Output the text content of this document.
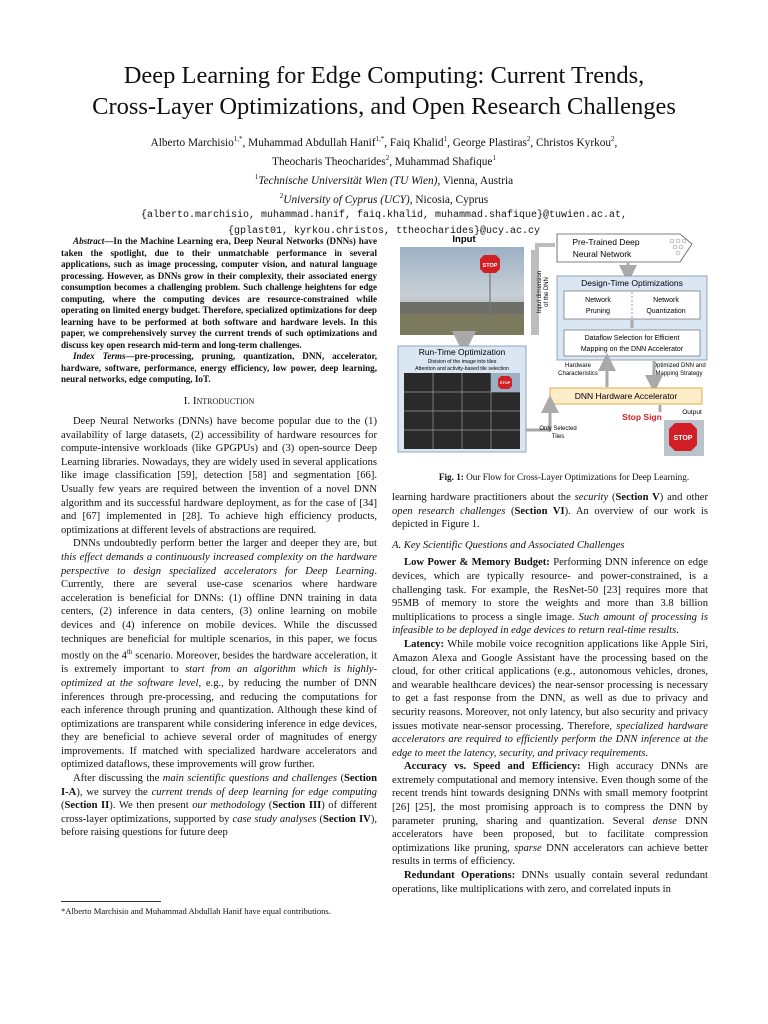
Deep Learning for Edge Computing: Current Trends,
Cross-Layer Optimizations, and Open Research Challenges
Alberto Marchisio$^{1,*}$, Muhammad Abdullah Hanif$^{1,*}$, Faiq Khalid$^1$, George Plastiras$^2$, Christos Kyrkou$^2$,
Theocharis Theocharides$^2$, Muhammad Shafique$^1$
$^1$Technische Universität Wien (TU Wien), Vienna, Austria
$^2$University of Cyprus (UCY), Nicosia, Cyprus
{alberto.marchisio, muhammad.hanif, faiq.khalid, muhammad.shafique}@tuwien.ac.at,
{gplast01, kyrkou.christos, ttheocharides}@ucy.ac.cy

Abstract—In the Machine Learning era, Deep Neural Networks (DNNs) have taken the spotlight, due to their unmatchable performance in several applications, such as image processing, computer vision, and natural language processing. However, as DNNs grow in their complexity, their associated energy consumption becomes a challenging problem. Such challenge heightens for edge computing, where the computing devices are resource-constrained while operating on limited energy budget. Therefore, specialized optimizations for deep learning have to be performed at both software and hardware levels. In this paper, we comprehensively survey the current trends of such optimizations and discuss key open research mid-term and long-term challenges.

Index Terms—pre-processing, pruning, quantization, DNN, accelerator, hardware, software, performance, energy efficiency, low power, deep learning, neural networks, edge computing, IoT.

I. Introduction

Deep Neural Networks (DNNs) have become popular due to the (1) availability of large datasets, (2) accessibility of hardware resources for compute-intensive workloads (like GPGPUs) and (3) open-source Deep Learning libraries. Nowadays, they are widely used in several applications like image classification [59], detection [58] and segmentation [66]. Usually few years are required between the invention of a novel DNN algorithm and its successful hardware deployment, as for the case of [34] and [67] implemented in [28]. To achieve high efficiency products, optimizations at different levels of abstractions are required.

DNNs undoubtedly perform better the larger and deeper they are, but this effect demands a continuously increased complexity on the hardware perspective to design specialized accelerators for Deep Learning. Currently, there are several use-case scenarios where hardware acceleration is beneficial for DNNs: (1) offline DNN training in data centers, (2) inference in data centers, (3) online learning on mobile devices and (4) inference on mobile devices. While the discussed techniques are beneficial for multiple scenarios, in this paper, we focus mostly on the 4th scenario. Moreover, besides the hardware acceleration, it is extremely important to start from an algorithm which is highly-optimized at the software level, e.g., by reducing the number of DNN inferences through pre-processing, and reducing the computations for each inference through pruning and quantization. Although these kind of optimizations are transparent while considering inference in edge devices, they are beneficial to achieve several order of magnitudes of energy improvements. If matched with specialized hardware accelerators and optimized dataflows, these improvements will grow further.

After discussing the main scientific questions and challenges (Section I-A), we survey the current trends of deep learning for edge computing (Section II). We then present our methodology (Section III) of different cross-layer optimizations, supported by case study analyses (Section IV), before raising questions for future deep

*Alberto Marchisio and Muhammad Abdullah Hanif have equal contributions.
Input
STOP
Input dimension of the DNN
Pre-Trained Deep
Neural Network
Design-Time Optimizations
Network
Pruning
Network
Quantization
Dataflow Selection for Efficient
Mapping on the DNN Accelerator
Run-Time Optimization
Division of the image into tiles
Attention and activity-based tile selection
STOP
Hardware
Characteristics
Optimized DNN and
Mapping Strategy
DNN Hardware Accelerator
Only Selected
Tiles
Stop Sign	Output
STOP
Fig. 1: Our Flow for Cross-Layer Optimizations for Deep Learning.

learning hardware practitioners about the security (Section V) and other open research challenges (Section VI). An overview of our work is depicted in Figure 1.

A. Key Scientific Questions and Associated Challenges

Low Power & Memory Budget: Performing DNN inference on edge devices, which are typically resource- and power-constrained, is a challenging task. For example, the ResNet-50 [23] requires more that 95MB of memory to store the weights and more than 3.8 billion multiplications to process a single image. Such amount of processing is infeasible to be deployed in edge devices to return real-time results.

Latency: While mobile voice recognition applications like Apple Siri, Amazon Alexa and Google Assistant have the processing based on the cloud, for other critical applications (e.g., autonomous vehicles, drones, and wearable healthcare devices) the near-sensor processing is necessary to get a fast response from the DNN, as well as due to privacy and security reasons. Moreover, not only latency, but also security and privacy issues motivate near-sensor processing. Therefore, specialized hardware accelerators are required to efficiently perform the DNN inference at the edge to meet the latency, security, and privacy requirements.

Accuracy vs. Speed and Efficiency: High accuracy DNNs are extremely computational and memory intensive. Even though some of the recent trends hint towards designing DNNs with small memory footprint [26] [25], the most promising approach is to compress the DNN by parameter pruning, sharing and quantization. Several dense DNN accelerators have been proposed, but to facilitate compression optimizations like pruning, sparse DNN accelerators can achieve better results in terms of efficiency.

Redundant Operations: DNNs usually contain several redundant operations, like multiplications with zero, and correlated inputs in
